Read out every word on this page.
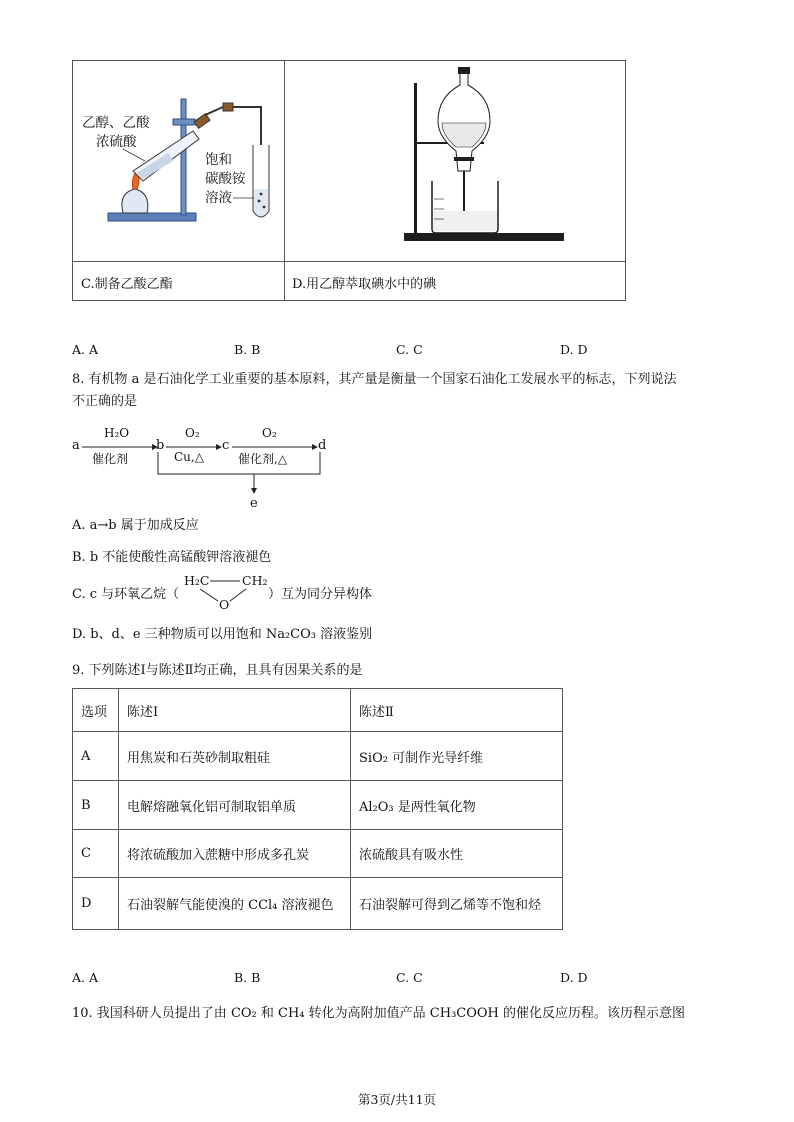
乙醇、乙酸
浓硫酸
饱和
碳酸铵
溶液
C.制备乙酸乙酯	D.用乙醇萃取碘水中的碘
A. A	B. B	C. C	D. D
8. 有机物 a 是石油化学工业重要的基本原料，其产量是衡量一个国家石油化工发展水平的标志，下列说法
不正确的是
a	b	c	d
e
H₂O
催化剂
O₂
Cu,△
O₂
催化剂,△
A. a→b 属于加成反应
B. b 不能使酸性高锰酸钾溶液褪色
C. c 与环氧乙烷（
H₂C	CH₂
O
）互为同分异构体
D. b、d、e 三种物质可以用饱和 Na₂CO₃ 溶液鉴别
9. 下列陈述Ⅰ与陈述Ⅱ均正确，且具有因果关系的是
选项	陈述Ⅰ	陈述Ⅱ
A	用焦炭和石英砂制取粗硅	SiO₂ 可制作光导纤维
B	电解熔融氧化铝可制取铝单质	Al₂O₃ 是两性氧化物
C	将浓硫酸加入蔗糖中形成多孔炭	浓硫酸具有吸水性
D	石油裂解气能使溴的 CCl₄ 溶液褪色	石油裂解可得到乙烯等不饱和烃
A. A	B. B	C. C	D. D
10. 我国科研人员提出了由 CO₂ 和 CH₄ 转化为高附加值产品 CH₃COOH 的催化反应历程。该历程示意图
第3页/共11页
